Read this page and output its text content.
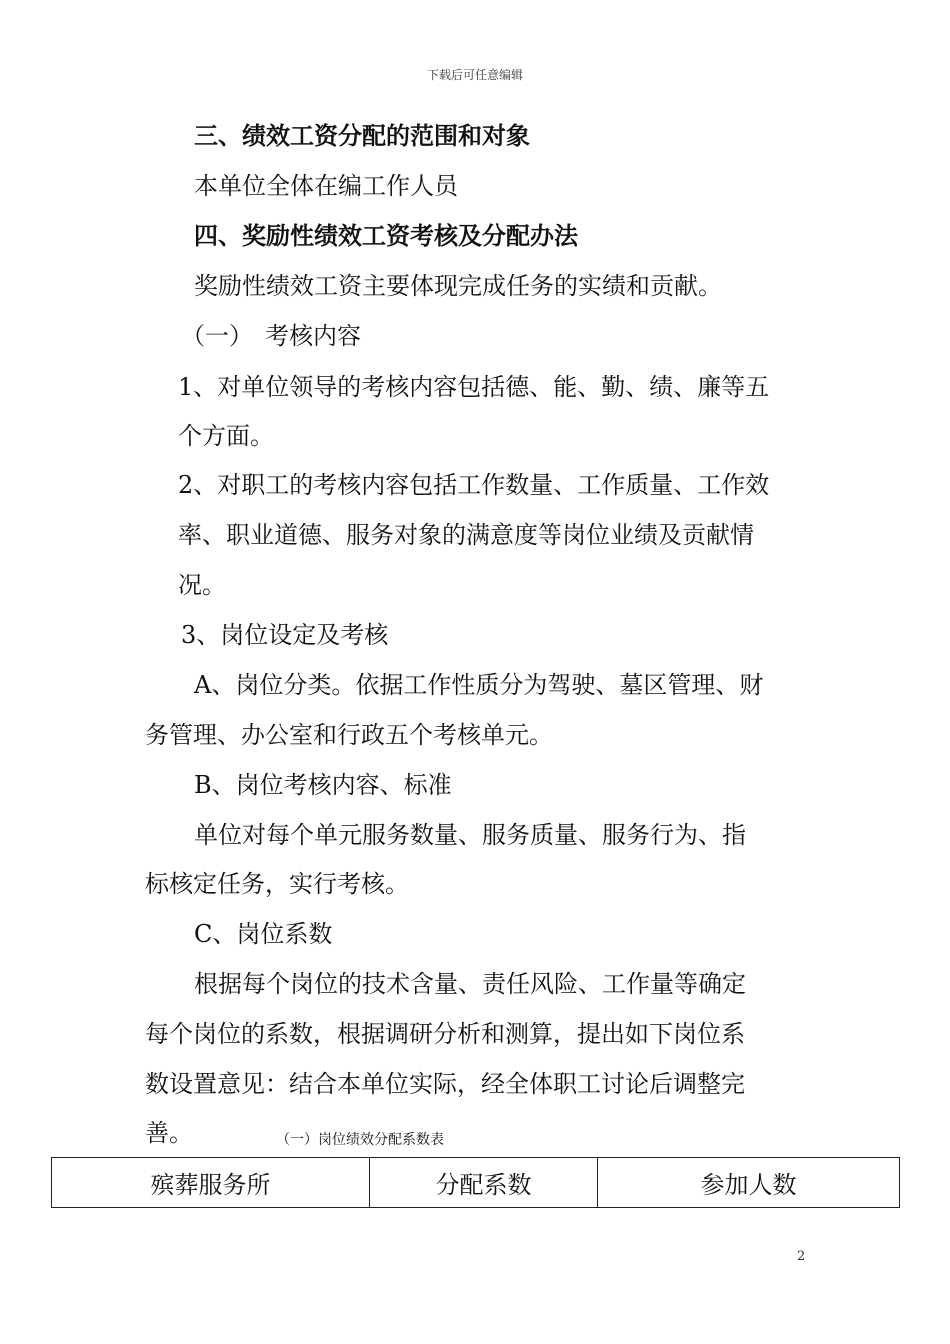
下载后可任意编辑
三、绩效工资分配的范围和对象
本单位全体在编工作人员
四、奖励性绩效工资考核及分配办法
奖励性绩效工资主要体现完成任务的实绩和贡献。
（一）　考核内容
1、对单位领导的考核内容包括德、能、勤、绩、廉等五
个方面。
2、对职工的考核内容包括工作数量、工作质量、工作效
率、职业道德、服务对象的满意度等岗位业绩及贡献情
况。
3、岗位设定及考核
A、岗位分类。依据工作性质分为驾驶、墓区管理、财
务管理、办公室和行政五个考核单元。
B、岗位考核内容、标准
单位对每个单元服务数量、服务质量、服务行为、指
标核定任务，实行考核。
C、岗位系数
根据每个岗位的技术含量、责任风险、工作量等确定
每个岗位的系数，根据调研分析和测算，提出如下岗位系
数设置意见：结合本单位实际，经全体职工讨论后调整完
善。	（一）岗位绩效分配系数表
殡葬服务所	分配系数	参加人数
2
